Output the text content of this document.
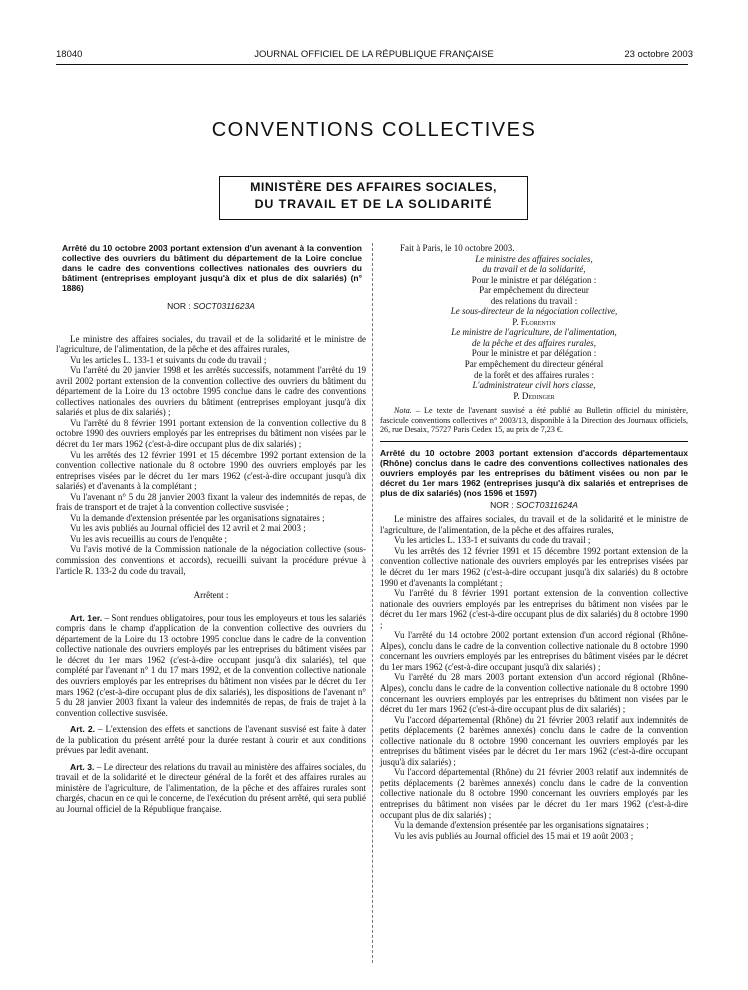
18040	JOURNAL OFFICIEL DE LA RÉPUBLIQUE FRANÇAISE	23 octobre 2003
CONVENTIONS COLLECTIVES
MINISTÈRE DES AFFAIRES SOCIALES,
DU TRAVAIL ET DE LA SOLIDARITÉ

Arrêté du 10 octobre 2003 portant extension d'un avenant à la convention collective des ouvriers du bâtiment du département de la Loire conclue dans le cadre des conventions collectives nationales des ouvriers du bâtiment (entreprises employant jusqu'à dix et plus de dix salariés) (n° 1886)

NOR : SOCT0311623A

Le ministre des affaires sociales, du travail et de la solidarité et le ministre de l'agriculture, de l'alimentation, de la pêche et des affaires rurales,

Vu les articles L. 133-1 et suivants du code du travail ;

Vu l'arrêté du 20 janvier 1998 et les arrêtés successifs, notamment l'arrêté du 19 avril 2002 portant extension de la convention collective des ouvriers du bâtiment du département de la Loire du 13 octobre 1995 conclue dans le cadre des conventions collectives nationales des ouvriers du bâtiment (entreprises employant jusqu'à dix salariés et plus de dix salariés) ;

Vu l'arrêté du 8 février 1991 portant extension de la convention collective du 8 octobre 1990 des ouvriers employés par les entreprises du bâtiment non visées par le décret du 1er mars 1962 (c'est-à-dire occupant plus de dix salariés) ;

Vu les arrêtés des 12 février 1991 et 15 décembre 1992 portant extension de la convention collective nationale du 8 octobre 1990 des ouvriers employés par les entreprises visées par le décret du 1er mars 1962 (c'est-à-dire occupant jusqu'à dix salariés) et d'avenants à la complétant ;

Vu l'avenant n° 5 du 28 janvier 2003 fixant la valeur des indemnités de repas, de frais de transport et de trajet à la convention collective susvisée ;

Vu la demande d'extension présentée par les organisations signataires ;

Vu les avis publiés au Journal officiel des 12 avril et 2 mai 2003 ;

Vu les avis recueillis au cours de l'enquête ;

Vu l'avis motivé de la Commission nationale de la négociation collective (sous-commission des conventions et accords), recueilli suivant la procédure prévue à l'article R. 133-2 du code du travail,

Arrêtent :

Art. 1er. – Sont rendues obligatoires, pour tous les employeurs et tous les salariés compris dans le champ d'application de la convention collective des ouvriers du département de la Loire du 13 octobre 1995 conclue dans le cadre de la convention collective nationale des ouvriers employés par les entreprises du bâtiment visées par le décret du 1er mars 1962 (c'est-à-dire occupant jusqu'à dix salariés), tel que complété par l'avenant n° 1 du 17 mars 1992, et de la convention collective nationale des ouvriers employés par les entreprises du bâtiment non visées par le décret du 1er mars 1962 (c'est-à-dire occupant plus de dix salariés), les dispositions de l'avenant n° 5 du 28 janvier 2003 fixant la valeur des indemnités de repas, de frais de trajet à la convention collective susvisée.

Art. 2. – L'extension des effets et sanctions de l'avenant susvisé est faite à dater de la publication du présent arrêté pour la durée restant à courir et aux conditions prévues par ledit avenant.

Art. 3. – Le directeur des relations du travail au ministère des affaires sociales, du travail et de la solidarité et le directeur général de la forêt et des affaires rurales au ministère de l'agriculture, de l'alimentation, de la pêche et des affaires rurales sont chargés, chacun en ce qui le concerne, de l'exécution du présent arrêté, qui sera publié au Journal officiel de la République française.

Fait à Paris, le 10 octobre 2003.

Le ministre des affaires sociales,

du travail et de la solidarité,

Pour le ministre et par délégation :

Par empêchement du directeur

des relations du travail :

Le sous-directeur de la négociation collective,

P. Florentin

Le ministre de l'agriculture, de l'alimentation,

de la pêche et des affaires rurales,

Pour le ministre et par délégation :

Par empêchement du directeur général

de la forêt et des affaires rurales :

L'administrateur civil hors classe,

P. Dedinger

Nota. – Le texte de l'avenant susvisé a été publié au Bulletin officiel du ministère, fascicule conventions collectives n° 2003/13, disponible à la Direction des Journaux officiels, 26, rue Desaix, 75727 Paris Cedex 15, au prix de 7,23 €.

Arrêté du 10 octobre 2003 portant extension d'accords départementaux (Rhône) conclus dans le cadre des conventions collectives nationales des ouvriers employés par les entreprises du bâtiment visées ou non par le décret du 1er mars 1962 (entreprises jusqu'à dix salariés et entreprises de plus de dix salariés) (nos 1596 et 1597)

NOR : SOCT0311624A

Le ministre des affaires sociales, du travail et de la solidarité et le ministre de l'agriculture, de l'alimentation, de la pêche et des affaires rurales,

Vu les articles L. 133-1 et suivants du code du travail ;

Vu les arrêtés des 12 février 1991 et 15 décembre 1992 portant extension de la convention collective nationale des ouvriers employés par les entreprises visées par le décret du 1er mars 1962 (c'est-à-dire occupant jusqu'à dix salariés) du 8 octobre 1990 et d'avenants la complétant ;

Vu l'arrêté du 8 février 1991 portant extension de la convention collective nationale des ouvriers employés par les entreprises du bâtiment non visées par le décret du 1er mars 1962 (c'est-à-dire occupant plus de dix salariés) du 8 octobre 1990 ;

Vu l'arrêté du 14 octobre 2002 portant extension d'un accord régional (Rhône-Alpes), conclu dans le cadre de la convention collective nationale du 8 octobre 1990 concernant les ouvriers employés par les entreprises du bâtiment visées par le décret du 1er mars 1962 (c'est-à-dire occupant jusqu'à dix salariés) ;

Vu l'arrêté du 28 mars 2003 portant extension d'un accord régional (Rhône-Alpes), conclu dans le cadre de la convention collective nationale du 8 octobre 1990 concernant les ouvriers employés par les entreprises du bâtiment non visées par le décret du 1er mars 1962 (c'est-à-dire occupant plus de dix salariés) ;

Vu l'accord départemental (Rhône) du 21 février 2003 relatif aux indemnités de petits déplacements (2 barèmes annexés) conclu dans le cadre de la convention collective nationale du 8 octobre 1990 concernant les ouvriers employés par les entreprises du bâtiment visées par le décret du 1er mars 1962 (c'est-à-dire occupant jusqu'à dix salariés) ;

Vu l'accord départemental (Rhône) du 21 février 2003 relatif aux indemnités de petits déplacements (2 barèmes annexés) conclu dans le cadre de la convention collective nationale du 8 octobre 1990 concernant les ouvriers employés par les entreprises du bâtiment non visées par le décret du 1er mars 1962 (c'est-à-dire occupant plus de dix salariés) ;

Vu la demande d'extension présentée par les organisations signataires ;

Vu les avis publiés au Journal officiel des 15 mai et 19 août 2003 ;
